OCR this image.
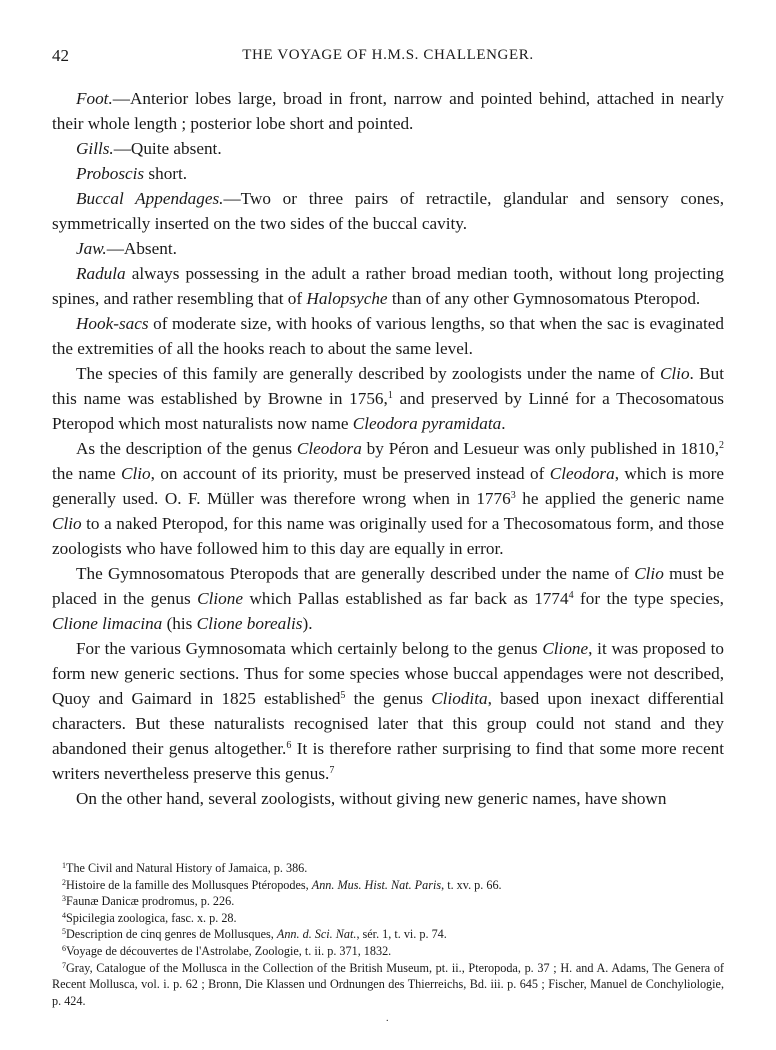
42	THE VOYAGE OF H.M.S. CHALLENGER.

Foot.—Anterior lobes large, broad in front, narrow and pointed behind, attached in nearly their whole length ; posterior lobe short and pointed.

Gills.—Quite absent.

Proboscis short.

Buccal Appendages.—Two or three pairs of retractile, glandular and sensory cones, symmetrically inserted on the two sides of the buccal cavity.

Jaw.—Absent.

Radula always possessing in the adult a rather broad median tooth, without long projecting spines, and rather resembling that of Halopsyche than of any other Gymnosomatous Pteropod.

Hook-sacs of moderate size, with hooks of various lengths, so that when the sac is evaginated the extremities of all the hooks reach to about the same level.

The species of this family are generally described by zoologists under the name of Clio. But this name was established by Browne in 1756,$^1$ and preserved by Linné for a Thecosomatous Pteropod which most naturalists now name Cleodora pyramidata.

As the description of the genus Cleodora by Péron and Lesueur was only published in 1810,$^2$ the name Clio, on account of its priority, must be preserved instead of Cleodora, which is more generally used. O. F. Müller was therefore wrong when in 1776$^3$ he applied the generic name Clio to a naked Pteropod, for this name was originally used for a Thecosomatous form, and those zoologists who have followed him to this day are equally in error.

The Gymnosomatous Pteropods that are generally described under the name of Clio must be placed in the genus Clione which Pallas established as far back as 1774$^4$ for the type species, Clione limacina (his Clione borealis).

For the various Gymnosomata which certainly belong to the genus Clione, it was proposed to form new generic sections. Thus for some species whose buccal appendages were not described, Quoy and Gaimard in 1825 established$^5$ the genus Cliodita, based upon inexact differential characters. But these naturalists recognised later that this group could not stand and they abandoned their genus altogether.$^6$ It is therefore rather surprising to find that some more recent writers nevertheless preserve this genus.$^7$

On the other hand, several zoologists, without giving new generic names, have shown

$^1$The Civil and Natural History of Jamaica, p. 386.

$^2$Histoire de la famille des Mollusques Ptéropodes, Ann. Mus. Hist. Nat. Paris, t. xv. p. 66.

$^3$Faunæ Danicæ prodromus, p. 226.

$^4$Spicilegia zoologica, fasc. x. p. 28.

$^5$Description de cinq genres de Mollusques, Ann. d. Sci. Nat., sér. 1, t. vi. p. 74.

$^6$Voyage de découvertes de l'Astrolabe, Zoologie, t. ii. p. 371, 1832.

$^7$Gray, Catalogue of the Mollusca in the Collection of the British Museum, pt. ii., Pteropoda, p. 37 ; H. and A. Adams, The Genera of Recent Mollusca, vol. i. p. 62 ; Bronn, Die Klassen und Ordnungen des Thierreichs, Bd. iii. p. 645 ; Fischer, Manuel de Conchyliologie, p. 424.

.
